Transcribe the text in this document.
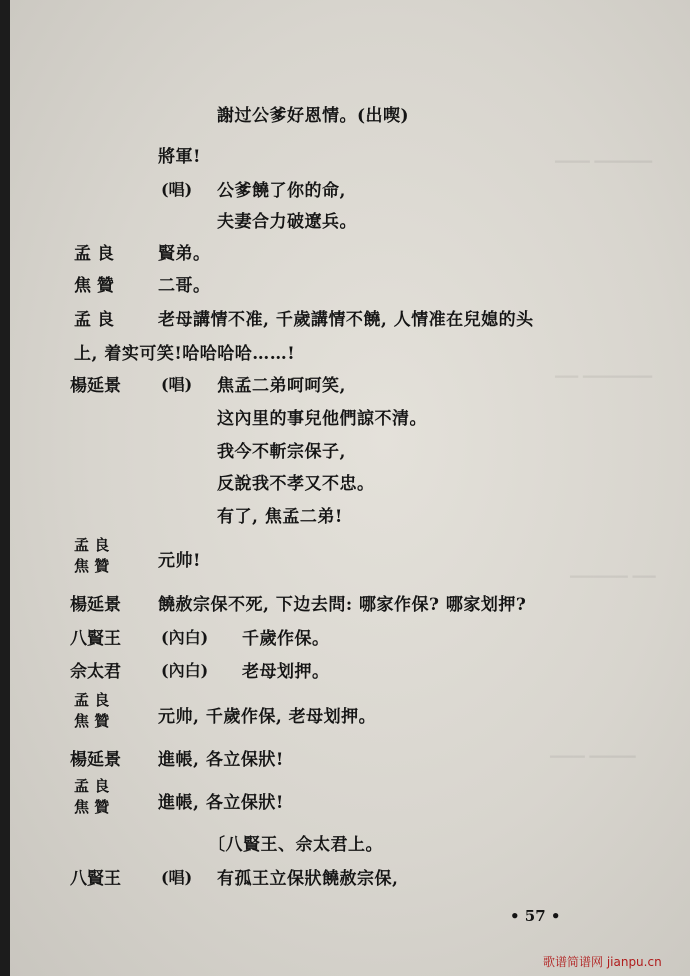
▁▁▁ ▁▁▁▁▁
▁▁ ▁▁▁▁▁▁
▁▁▁▁▁ ▁▁
▁▁▁ ▁▁▁▁
謝过公爹好恩情。(出喫)
將軍!
(唱) 公爹饒了你的命,
夫妻合力破遼兵。
孟 良	賢弟。
焦 贊	二哥。
孟 良	老母講情不准, 千歲講情不饒, 人情准在兒媳的头
上, 着实可笑!哈哈哈哈……!
楊延景	(唱) 焦孟二弟呵呵笑,
这內里的事兒他們諒不清。
我今不斬宗保子,
反說我不孝又不忠。
有了, 焦孟二弟!
孟 良
焦 贊	元帅!
楊延景 饒赦宗保不死, 下边去問: 哪家作保? 哪家划押?
八賢王	(內白) 千歲作保。
佘太君	(內白) 老母划押。
孟 良
焦 贊	元帅, 千歲作保, 老母划押。
楊延景 進帳, 各立保狀!
孟 良
焦 贊	進帳, 各立保狀!
〔八賢王、佘太君上。
八賢王	(唱) 有孤王立保狀饒赦宗保,
• 57 •
歌谱简谱网 jianpu.cn
